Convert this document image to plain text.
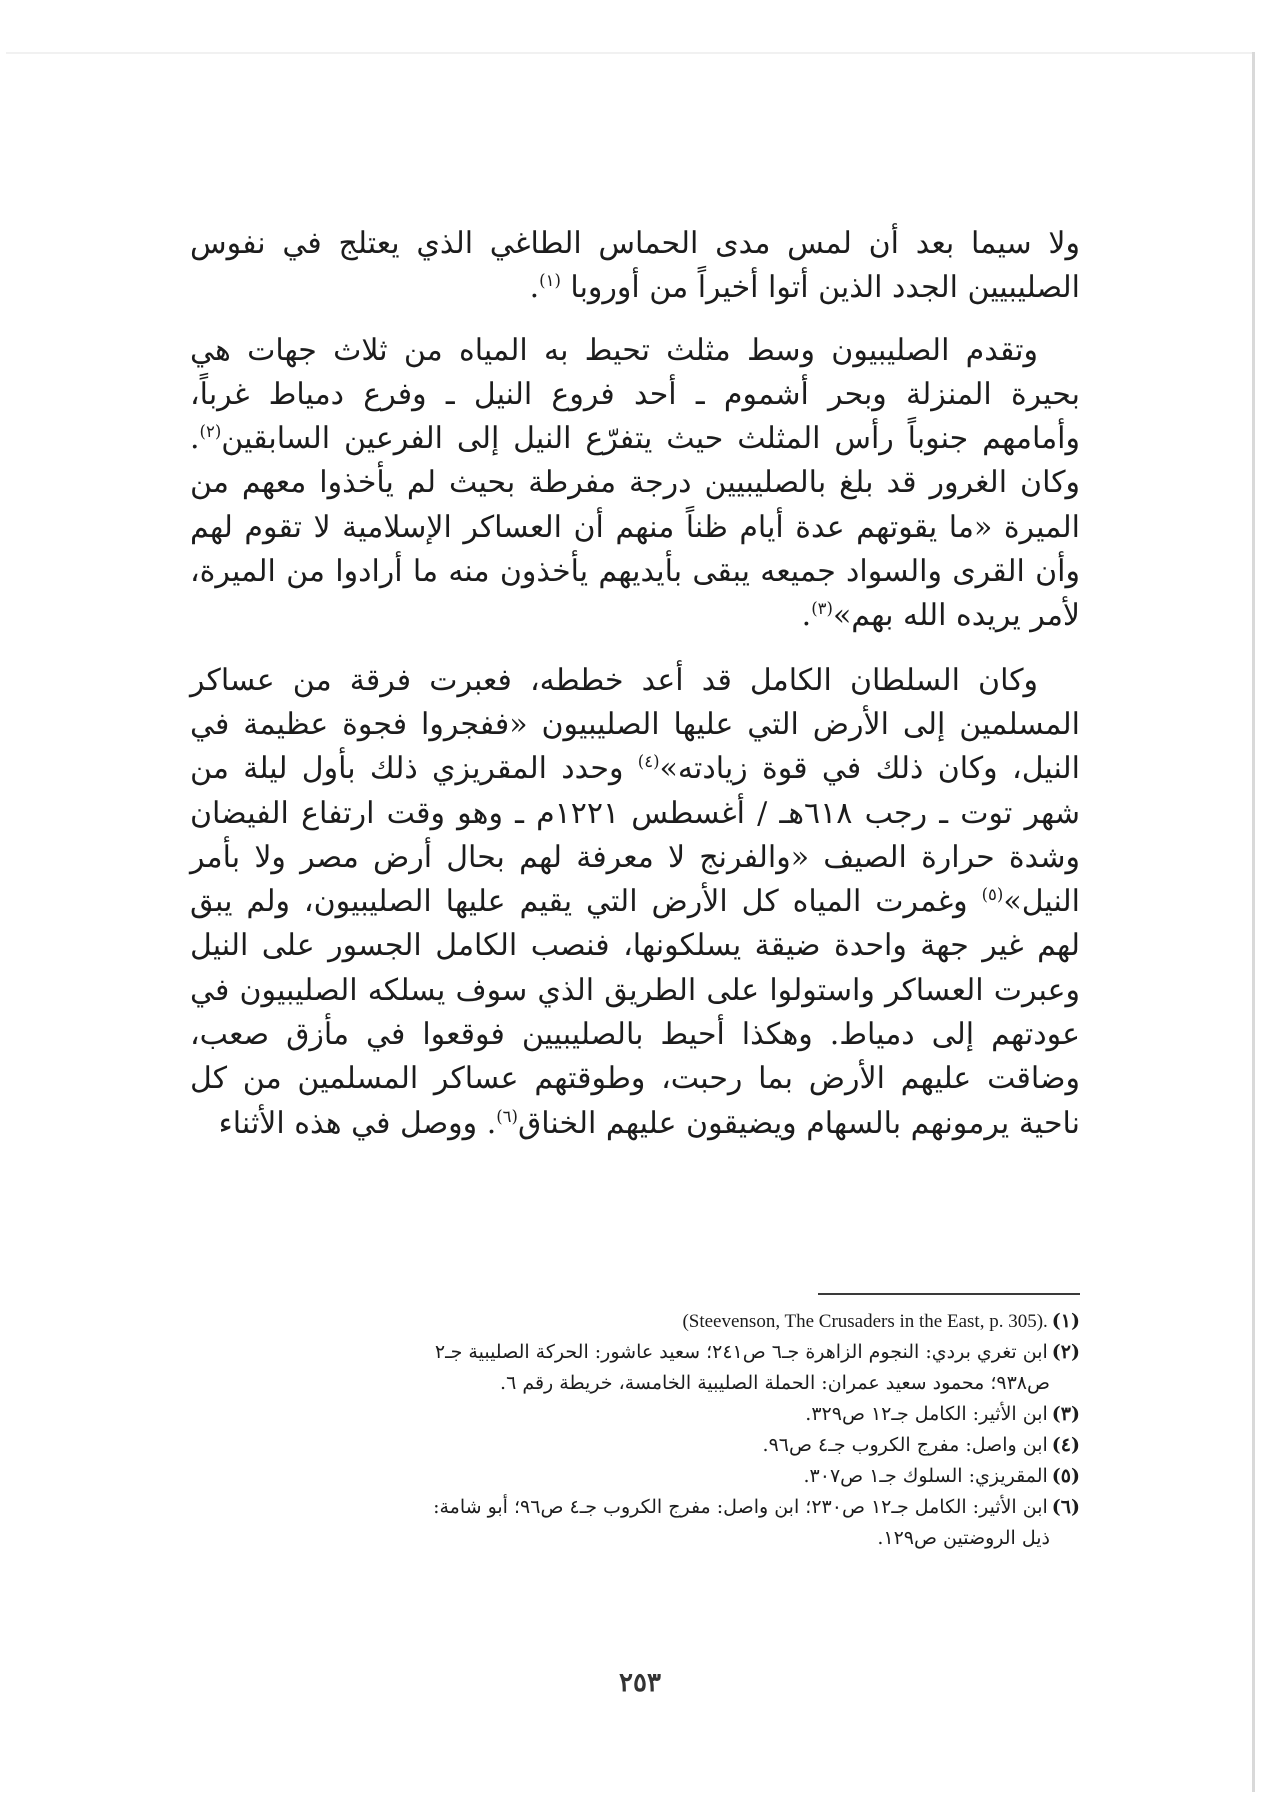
ولا سيما بعد أن لمس مدى الحماس الطاغي الذي يعتلج في نفوس الصليبيين الجدد الذين أتوا أخيراً من أوروبا $^{(١)}$.

وتقدم الصليبيون وسط مثلث تحيط به المياه من ثلاث جهات هي بحيرة المنزلة وبحر أشموم ـ أحد فروع النيل ـ وفرع دمياط غرباً، وأمامهم جنوباً رأس المثلث حيث يتفرّع النيل إلى الفرعين السابقين$^{(٢)}$. وكان الغرور قد بلغ بالصليبيين درجة مفرطة بحيث لم يأخذوا معهم من الميرة «ما يقوتهم عدة أيام ظناً منهم أن العساكر الإسلامية لا تقوم لهم وأن القرى والسواد جميعه يبقى بأيديهم يأخذون منه ما أرادوا من الميرة، لأمر يريده الله بهم»$^{(٣)}$.

وكان السلطان الكامل قد أعد خططه، فعبرت فرقة من عساكر المسلمين إلى الأرض التي عليها الصليبيون «ففجروا فجوة عظيمة في النيل، وكان ذلك في قوة زيادته»$^{(٤)}$ وحدد المقريزي ذلك بأول ليلة من شهر توت ـ رجب ٦١٨هـ / أغسطس ١٢٢١م ـ وهو وقت ارتفاع الفيضان وشدة حرارة الصيف «والفرنج لا معرفة لهم بحال أرض مصر ولا بأمر النيل»$^{(٥)}$ وغمرت المياه كل الأرض التي يقيم عليها الصليبيون، ولم يبق لهم غير جهة واحدة ضيقة يسلكونها، فنصب الكامل الجسور على النيل وعبرت العساكر واستولوا على الطريق الذي سوف يسلكه الصليبيون في عودتهم إلى دمياط. وهكذا أحيط بالصليبيين فوقعوا في مأزق صعب، وضاقت عليهم الأرض بما رحبت، وطوقتهم عساكر المسلمين من كل ناحية يرمونهم بالسهام ويضيقون عليهم الخناق$^{(٦)}$. ووصل في هذه الأثناء

(١).(Steevenson, The Crusaders in the East, p. 305)

(٢)ابن تغري بردي: النجوم الزاهرة جـ٦ ص٢٤١؛ سعيد عاشور: الحركة الصليبية جـ٢
ص٩٣٨؛ محمود سعيد عمران: الحملة الصليبية الخامسة، خريطة رقم ٦.

(٣)ابن الأثير: الكامل جـ١٢ ص٣٢٩.

(٤)ابن واصل: مفرج الكروب جـ٤ ص٩٦.

(٥)المقريزي: السلوك جـ١ ص٣٠٧.

(٦)ابن الأثير: الكامل جـ١٢ ص٢٣٠؛ ابن واصل: مفرج الكروب جـ٤ ص٩٦؛ أبو شامة:
ذيل الروضتين ص١٢٩.

٢٥٣
